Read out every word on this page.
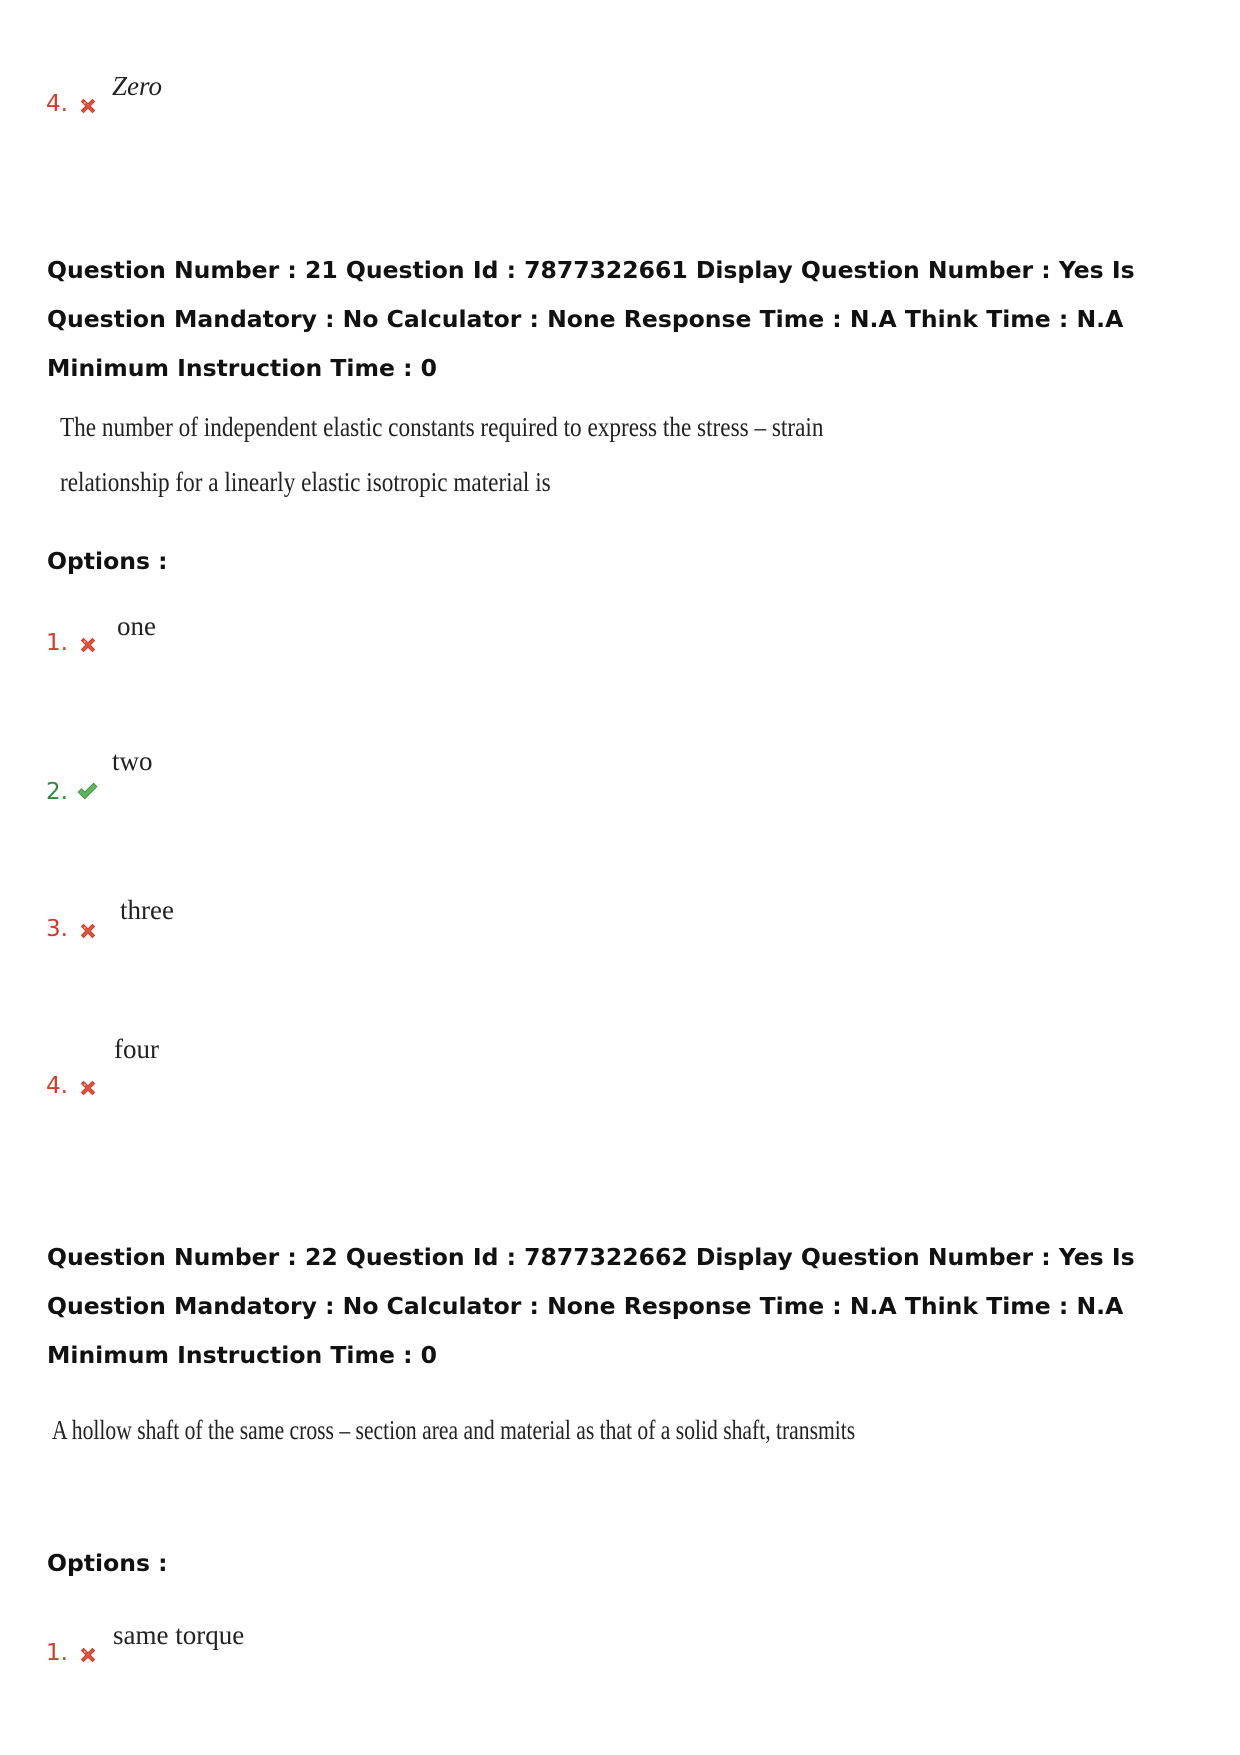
4.
Zero

Question Number : 21 Question Id : 7877322661 Display Question Number : Yes Is Question Mandatory : No Calculator : None Response Time : N.A Think Time : N.A Minimum Instruction Time : 0

The number of independent elastic constants required to express the stress – strain
relationship for a linearly elastic isotropic material is
Options :
1.
one
2.
two
3.
three
4.
four

Question Number : 22 Question Id : 7877322662 Display Question Number : Yes Is Question Mandatory : No Calculator : None Response Time : N.A Think Time : N.A Minimum Instruction Time : 0

A hollow shaft of the same cross – section area and material as that of a solid shaft, transmits
Options :
1.
same torque
